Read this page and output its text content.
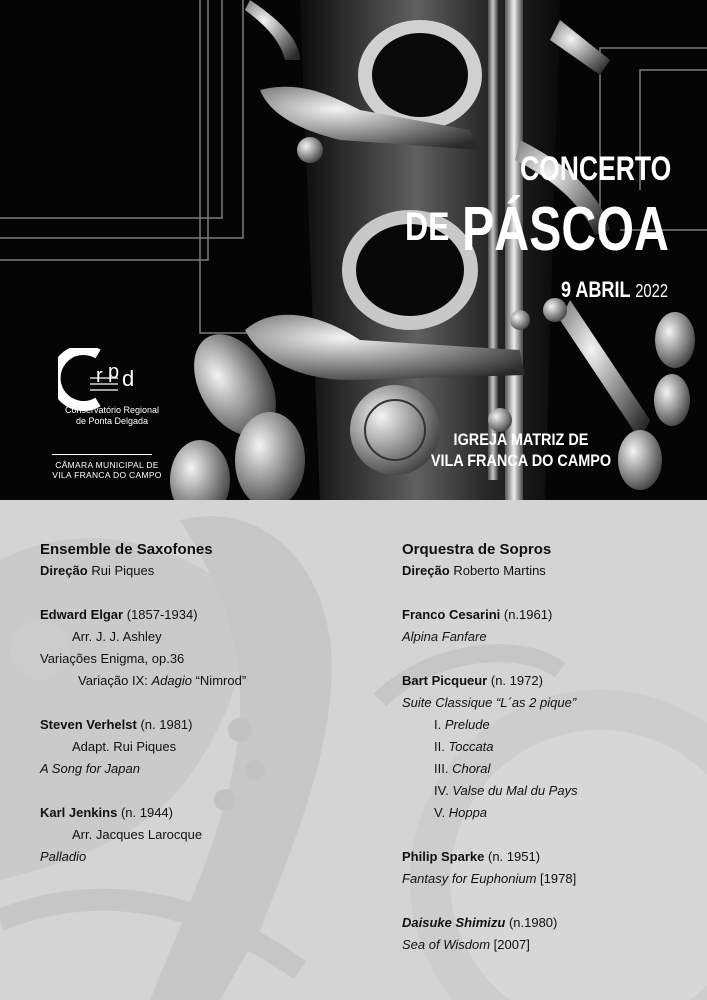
CONCERTO
DE PÁSCOA
9 ABRIL 2022
IGREJA MATRIZ DE
VILA FRANCA DO CAMPO
r p d
Conservatório Regional
de Ponta Delgada
CÂMARA MUNICIPAL DE
VILA FRANCA DO CAMPO
Ensemble de Saxofones
Direção Rui Piques
Edward Elgar (1857-1934)
Arr. J. J. Ashley
Variações Enigma, op.36
Variação IX: Adagio “Nimrod”
Steven Verhelst (n. 1981)
Adapt. Rui Piques
A Song for Japan
Karl Jenkins (n. 1944)
Arr. Jacques Larocque
Palladio
Orquestra de Sopros
Direção Roberto Martins
Franco Cesarini (n.1961)
Alpina Fanfare
Bart Picqueur (n. 1972)
Suite Classique “L´as 2 pique”
I. Prelude
II. Toccata
III. Choral
IV. Valse du Mal du Pays
V. Hoppa
Philip Sparke (n. 1951)
Fantasy for Euphonium [1978]
Daisuke Shimizu (n.1980)
Sea of Wisdom [2007]
